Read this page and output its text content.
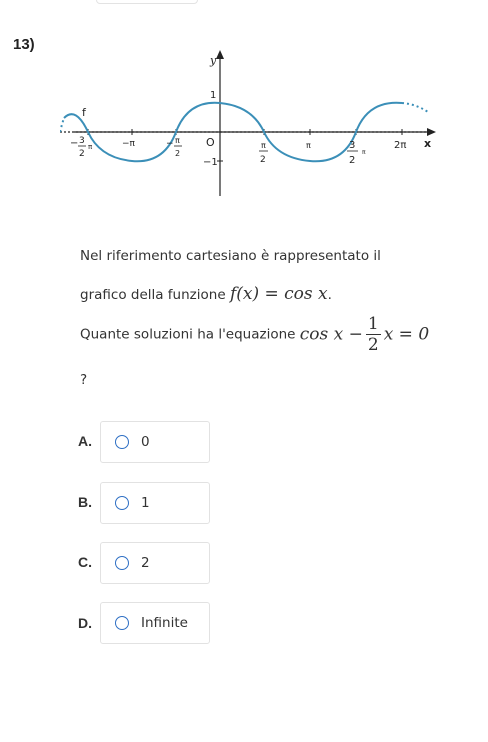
13)
y
x
f
O
1
−1
− 3
2
π	−π	− π
2
π
2
π	3
2
π
2π
Nel riferimento cartesiano è rappresentato il
grafico della funzione f(x) = cos x.
Quante soluzioni ha l'equazione $\cos x - \frac{1}{2}$ x = 0
?
A.	0
B.	1
C.	2
D.	Infinite
